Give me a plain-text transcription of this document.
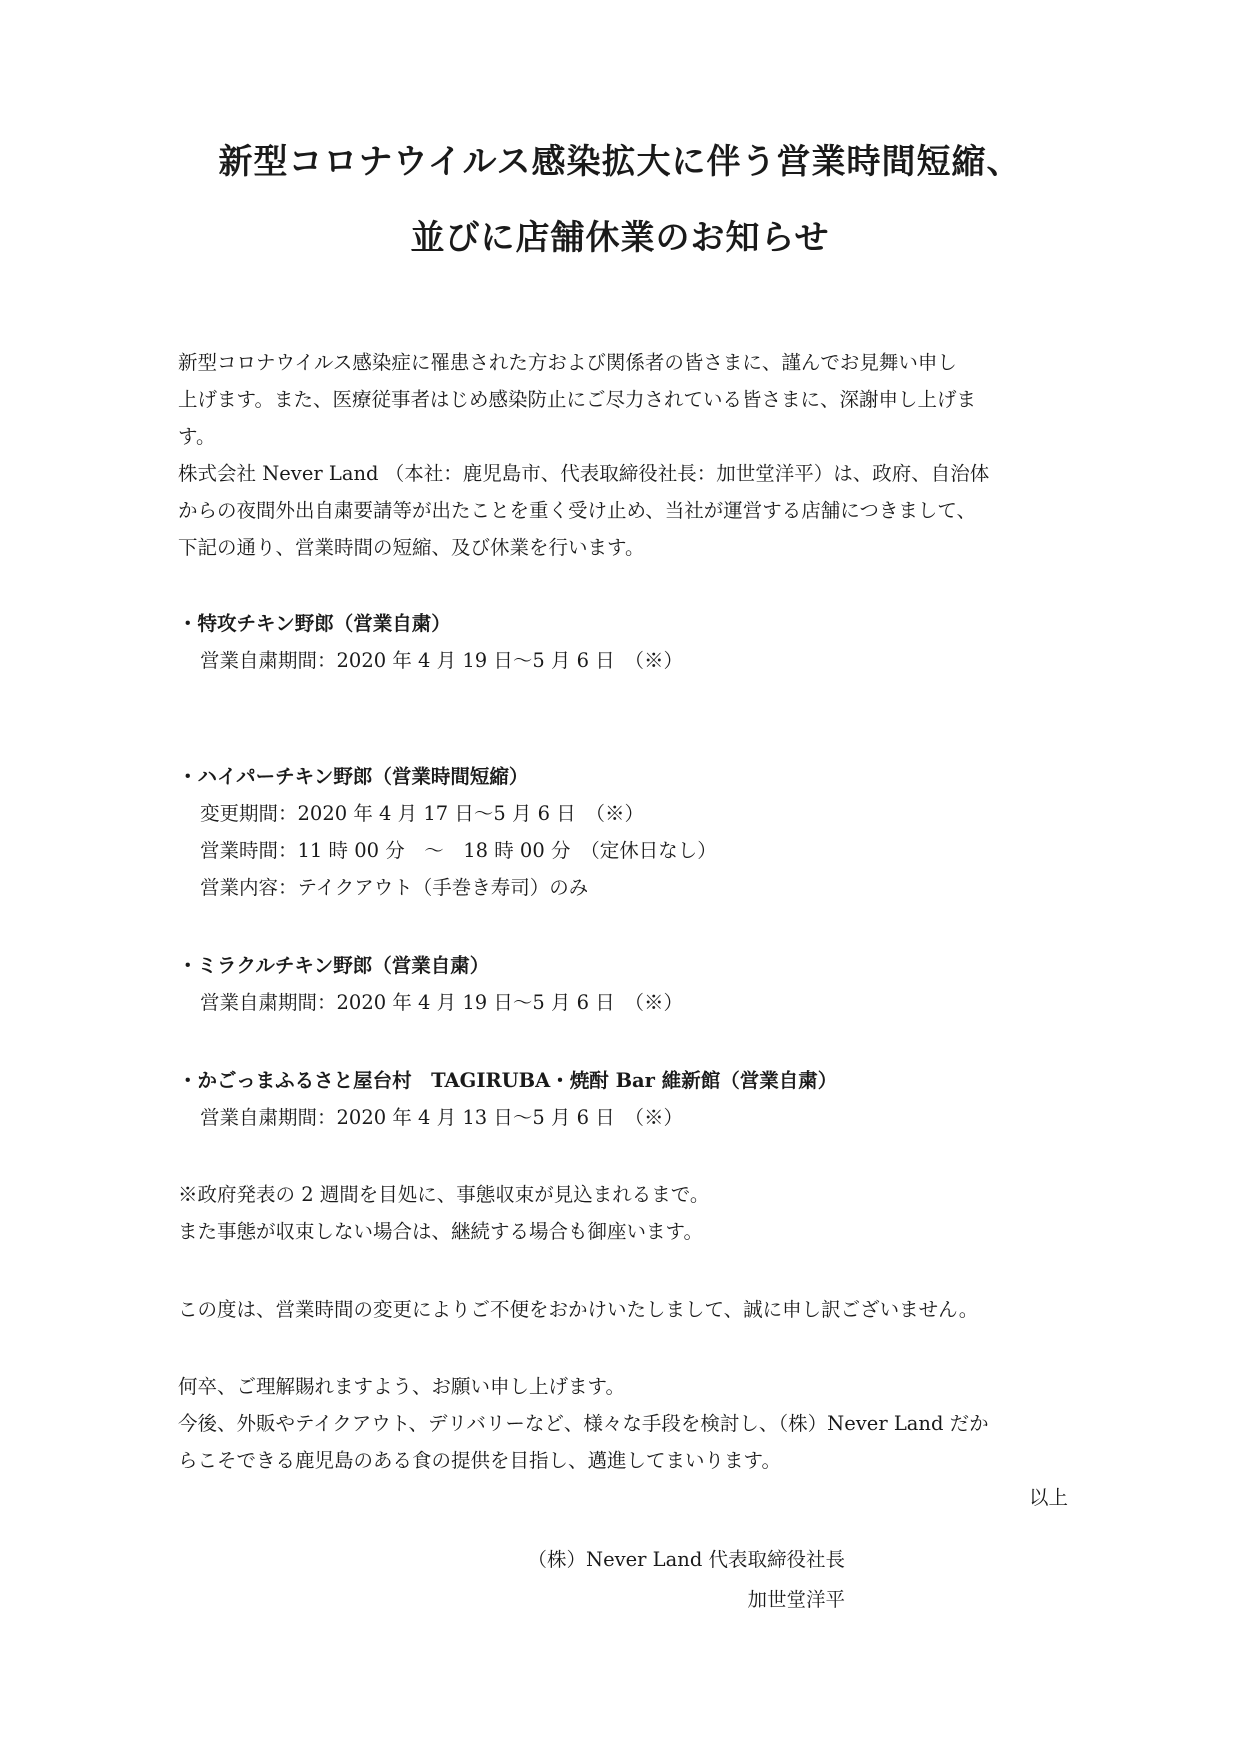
新型コロナウイルス感染拡大に伴う営業時間短縮、
並びに店舗休業のお知らせ
新型コロナウイルス感染症に罹患された方および関係者の皆さまに、謹んでお見舞い申し
上げます。また、医療従事者はじめ感染防止にご尽力されている皆さまに、深謝申し上げま
す。
株式会社 Never Land （本社：鹿児島市、代表取締役社長：加世堂洋平）は、政府、自治体
からの夜間外出自粛要請等が出たことを重く受け止め、当社が運営する店舗につきまして、
下記の通り、営業時間の短縮、及び休業を行います。
・特攻チキン野郎（営業自粛）
営業自粛期間：2020 年 4 月 19 日〜5 月 6 日　（※）
・ハイパーチキン野郎（営業時間短縮）
変更期間：2020 年 4 月 17 日〜5 月 6 日　（※）
営業時間：11 時 00 分　〜　18 時 00 分　（定休日なし）
営業内容：テイクアウト（手巻き寿司）のみ
・ミラクルチキン野郎（営業自粛）
営業自粛期間：2020 年 4 月 19 日〜5 月 6 日　（※）
・かごっまふるさと屋台村　TAGIRUBA・焼酎 Bar 維新館（営業自粛）
営業自粛期間：2020 年 4 月 13 日〜5 月 6 日　（※）
※政府発表の 2 週間を目処に、事態収束が見込まれるまで。
また事態が収束しない場合は、継続する場合も御座います。
この度は、営業時間の変更によりご不便をおかけいたしまして、誠に申し訳ございません。
何卒、ご理解賜れますよう、お願い申し上げます。
今後、外販やテイクアウト、デリバリーなど、様々な手段を検討し、（株）Never Land だか
らこそできる鹿児島のある食の提供を目指し、邁進してまいります。
以上
（株）Never Land 代表取締役社長
加世堂洋平
